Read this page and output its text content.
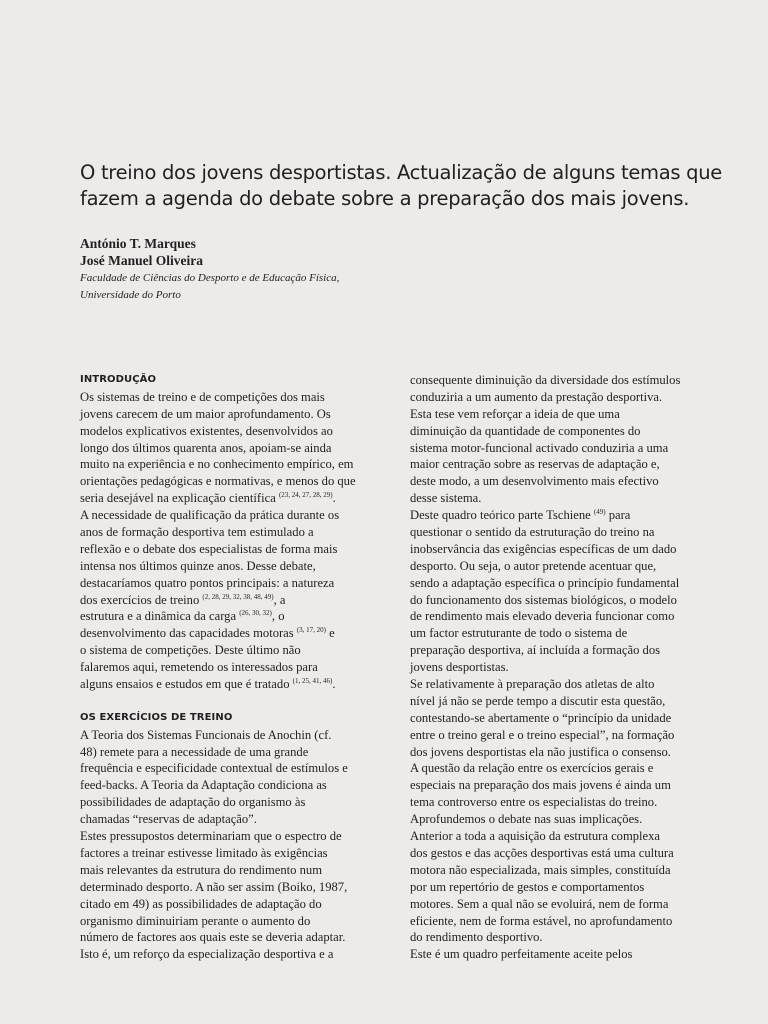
O treino dos jovens desportistas. Actualização de alguns temas que
fazem a agenda do debate sobre a preparação dos mais jovens.
António T. Marques
José Manuel Oliveira
Faculdade de Ciências do Desporto e de Educação Física,
Universidade do Porto
INTRODUÇÃO
Os sistemas de treino e de competições dos mais
jovens carecem de um maior aprofundamento. Os
modelos explicativos existentes, desenvolvidos ao
longo dos últimos quarenta anos, apoiam-se ainda
muito na experiência e no conhecimento empírico, em
orientações pedagógicas e normativas, e menos do que
seria desejável na explicação científica $^{(23, 24, 27, 28, 29)}$.
A necessidade de qualificação da prática durante os
anos de formação desportiva tem estimulado a
reflexão e o debate dos especialistas de forma mais
intensa nos últimos quinze anos. Desse debate,
destacaríamos quatro pontos principais: a natureza
dos exercícios de treino $^{(2, 28, 29, 32, 38, 48, 49)}$, a
estrutura e a dinâmica da carga $^{(26, 30, 32)}$, o
desenvolvimento das capacidades motoras $^{(3, 17, 20)}$ e
o sistema de competições. Deste último não
falaremos aqui, remetendo os interessados para
alguns ensaios e estudos em que é tratado $^{(1, 25, 41, 46)}$.
OS EXERCÍCIOS DE TREINO
A Teoria dos Sistemas Funcionais de Anochin (cf.
48) remete para a necessidade de uma grande
frequência e especificidade contextual de estímulos e
feed-backs. A Teoria da Adaptação condiciona as
possibilidades de adaptação do organismo às
chamadas “reservas de adaptação”.
Estes pressupostos determinariam que o espectro de
factores a treinar estivesse limitado às exigências
mais relevantes da estrutura do rendimento num
determinado desporto. A não ser assim (Boiko, 1987,
citado em 49) as possibilidades de adaptação do
organismo diminuiriam perante o aumento do
número de factores aos quais este se deveria adaptar.
Isto é, um reforço da especialização desportiva e a
consequente diminuição da diversidade dos estímulos
conduziria a um aumento da prestação desportiva.
Esta tese vem reforçar a ideia de que uma
diminuição da quantidade de componentes do
sistema motor-funcional activado conduziria a uma
maior centração sobre as reservas de adaptação e,
deste modo, a um desenvolvimento mais efectivo
desse sistema.
Deste quadro teórico parte Tschiene $^{(49)}$ para
questionar o sentido da estruturação do treino na
inobservância das exigências específicas de um dado
desporto. Ou seja, o autor pretende acentuar que,
sendo a adaptação específica o princípio fundamental
do funcionamento dos sistemas biológicos, o modelo
de rendimento mais elevado deveria funcionar como
um factor estruturante de todo o sistema de
preparação desportiva, aí incluída a formação dos
jovens desportistas.
Se relativamente à preparação dos atletas de alto
nível já não se perde tempo a discutir esta questão,
contestando-se abertamente o “princípio da unidade
entre o treino geral e o treino especial”, na formação
dos jovens desportistas ela não justifica o consenso.
A questão da relação entre os exercícios gerais e
especiais na preparação dos mais jovens é ainda um
tema controverso entre os especialistas do treino.
Aprofundemos o debate nas suas implicações.
Anterior a toda a aquisição da estrutura complexa
dos gestos e das acções desportivas está uma cultura
motora não especializada, mais simples, constituída
por um repertório de gestos e comportamentos
motores. Sem a qual não se evoluirá, nem de forma
eficiente, nem de forma estável, no aprofundamento
do rendimento desportivo.
Este é um quadro perfeitamente aceite pelos
